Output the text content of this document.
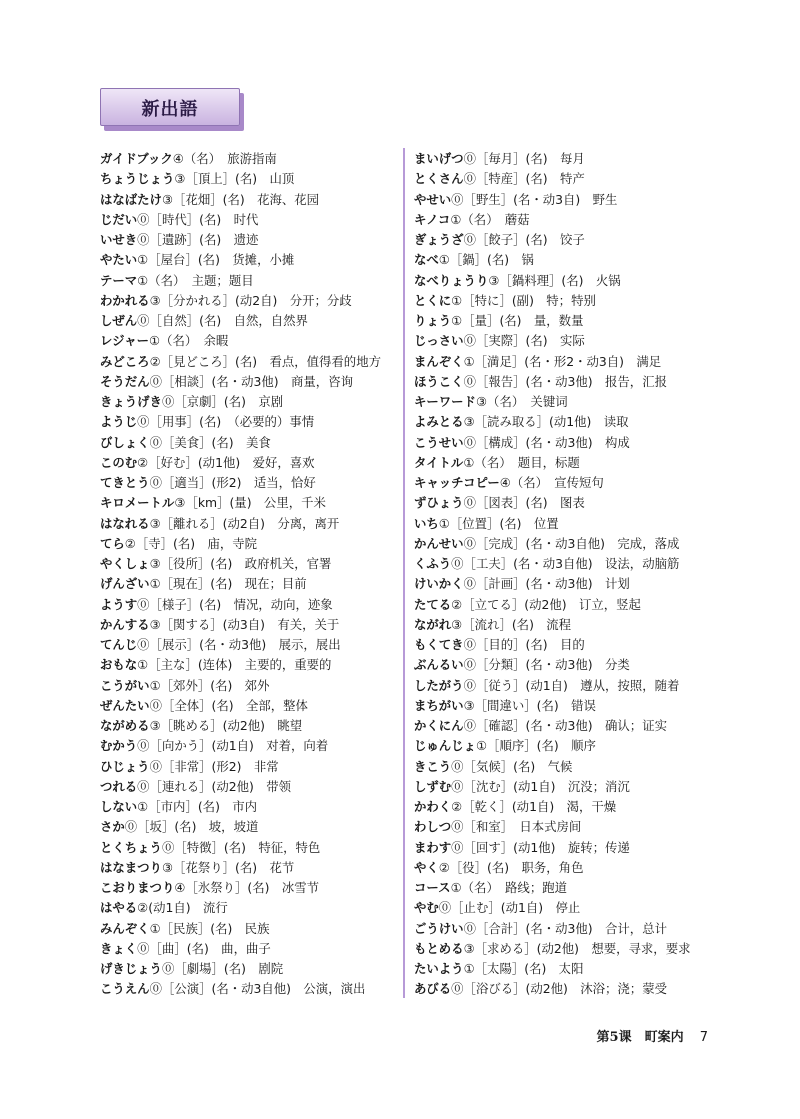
新出語
ガイドブック④（名）　旅游指南
ちょうじょう③［頂上］(名)　山顶
はなばたけ③［花畑］(名)　花海、花园
じだい⓪［時代］(名)　时代
いせき⓪［遺跡］(名)　遗迹
やたい①［屋台］(名)　货摊，小摊
テーマ①（名）　主题；题目
わかれる③［分かれる］(动2自)　分开；分歧
しぜん⓪［自然］(名)　自然，自然界
レジャー①（名）　余暇
みどころ②［見どころ］(名)　看点，值得看的地方
そうだん⓪［相談］(名・动3他)　商量，咨询
きょうげき⓪［京劇］(名)　京剧
ようじ⓪［用事］(名)　（必要的）事情
びしょく⓪［美食］(名)　美食
このむ②［好む］(动1他)　爱好，喜欢
てきとう⓪［適当］(形2)　适当，恰好
キロメートル③［km］(量)　公里，千米
はなれる③［離れる］(动2自)　分离，离开
てら②［寺］(名)　庙，寺院
やくしょ③［役所］(名)　政府机关，官署
げんざい①［現在］(名)　现在；目前
ようす⓪［様子］(名)　情况，动向，迹象
かんする③［関する］(动3自)　有关，关于
てんじ⓪［展示］(名・动3他)　展示，展出
おもな①［主な］(连体)　主要的，重要的
こうがい①［郊外］(名)　郊外
ぜんたい⓪［全体］(名)　全部，整体
ながめる③［眺める］(动2他)　眺望
むかう⓪［向かう］(动1自)　对着，向着
ひじょう⓪［非常］(形2)　非常
つれる⓪［連れる］(动2他)　带领
しない①［市内］(名)　市内
さか⓪［坂］(名)　坡，坡道
とくちょう⓪［特徴］(名)　特征，特色
はなまつり③［花祭り］(名)　花节
こおりまつり④［氷祭り］(名)　冰雪节
はやる②(动1自)　流行
みんぞく①［民族］(名)　民族
きょく⓪［曲］(名)　曲，曲子
げきじょう⓪［劇場］(名)　剧院
こうえん⓪［公演］(名・动3自他)　公演，演出
まいげつ⓪［毎月］(名)　每月
とくさん⓪［特産］(名)　特产
やせい⓪［野生］(名・动3自)　野生
キノコ①（名）　蘑菇
ぎょうざ⓪［餃子］(名)　饺子
なべ①［鍋］(名)　锅
なべりょうり③［鍋料理］(名)　火锅
とくに①［特に］(副)　特；特别
りょう①［量］(名)　量，数量
じっさい⓪［実際］(名)　实际
まんぞく①［満足］(名・形2・动3自)　满足
ほうこく⓪［報告］(名・动3他)　报告，汇报
キーワード③（名）　关键词
よみとる③［読み取る］(动1他)　读取
こうせい⓪［構成］(名・动3他)　构成
タイトル①（名）　题目，标题
キャッチコピー④（名）　宣传短句
ずひょう⓪［図表］(名)　图表
いち①［位置］(名)　位置
かんせい⓪［完成］(名・动3自他)　完成，落成
くふう⓪［工夫］(名・动3自他)　设法，动脑筋
けいかく⓪［計画］(名・动3他)　计划
たてる②［立てる］(动2他)　订立，竖起
ながれ③［流れ］(名)　流程
もくてき⓪［目的］(名)　目的
ぶんるい⓪［分類］(名・动3他)　分类
したがう⓪［従う］(动1自)　遵从，按照，随着
まちがい③［間違い］(名)　错误
かくにん⓪［確認］(名・动3他)　确认；证实
じゅんじょ①［順序］(名)　顺序
きこう⓪［気候］(名)　气候
しずむ⓪［沈む］(动1自)　沉没；消沉
かわく②［乾く］(动1自)　渴，干燥
わしつ⓪［和室］　日本式房间
まわす⓪［回す］(动1他)　旋转；传递
やく②［役］(名)　职务，角色
コース①（名）　路线；跑道
やむ⓪［止む］(动1自)　停止
ごうけい⓪［合計］(名・动3他)　合计，总计
もとめる③［求める］(动2他)　想要，寻求，要求
たいよう①［太陽］(名)　太阳
あびる⓪［浴びる］(动2他)　沐浴；浇；蒙受
第5课　町案内 7
